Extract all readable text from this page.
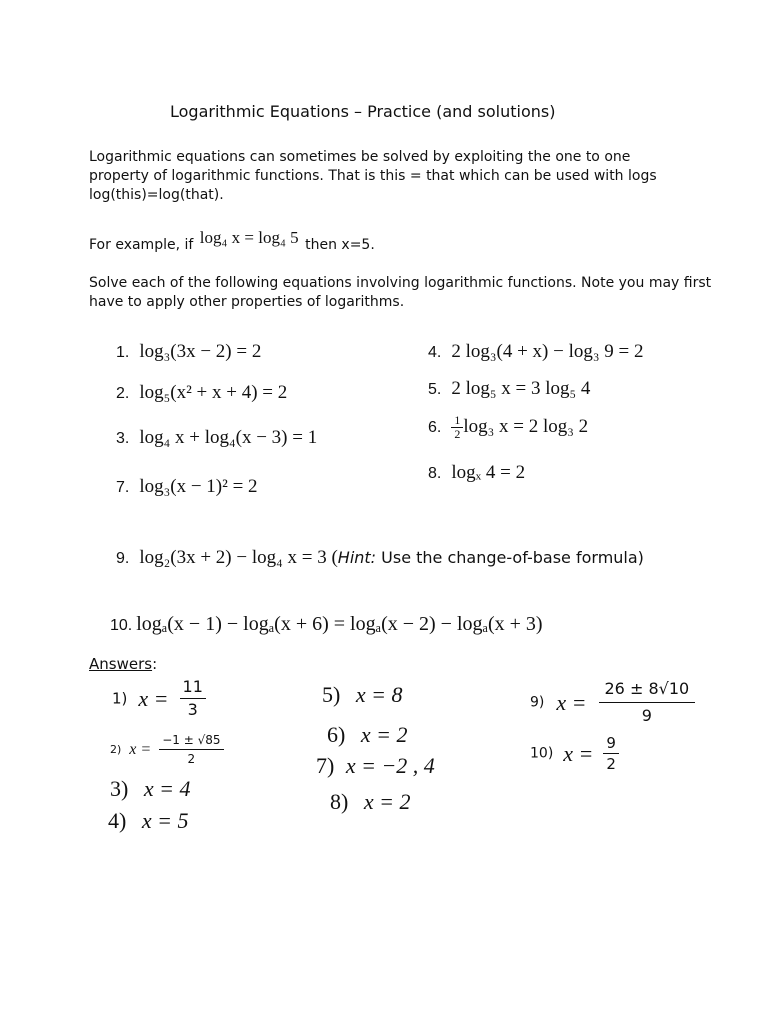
Logarithmic Equations – Practice (and solutions)
Logarithmic equations can sometimes be solved by exploiting the one to one property of logarithmic functions. That is this = that which can be used with logs log(this)=log(that).
For example, if log₄ x = log₄ 5 then x=5.
Solve each of the following equations involving logarithmic functions. Note you may first have to apply other properties of logarithms.
1. log₃(3x − 2) = 2
2. log₅(x² + x + 4) = 2
3. log₄ x + log₄(x − 3) = 1
7. log₃(x − 1)² = 2
4. 2 log₃(4 + x) − log₃ 9 = 2
5. 2 log₅ x = 3 log₅ 4
6. $\frac{1}{2} \log_3$ x = 2 log₃ 2
8. logₓ 4 = 2
9. log₂(3x + 2) − log₄ x = 3 (Hint: Use the change-of-base formula)
10. logₐ(x − 1) − logₐ(x + 6) = logₐ(x − 2) − logₐ(x + 3)
Answers:
1) $x = \frac{11}{3}$
2) $x = \frac{-1 \pm √85}{2}$
3) x = 4
4) x = 5
5) x = 8
6) x = 2
7) x = −2 , 4
8) x = 2
9) $x = \frac{26 \pm 8√10}{9}$
10) $x = \frac{9}{2}$
